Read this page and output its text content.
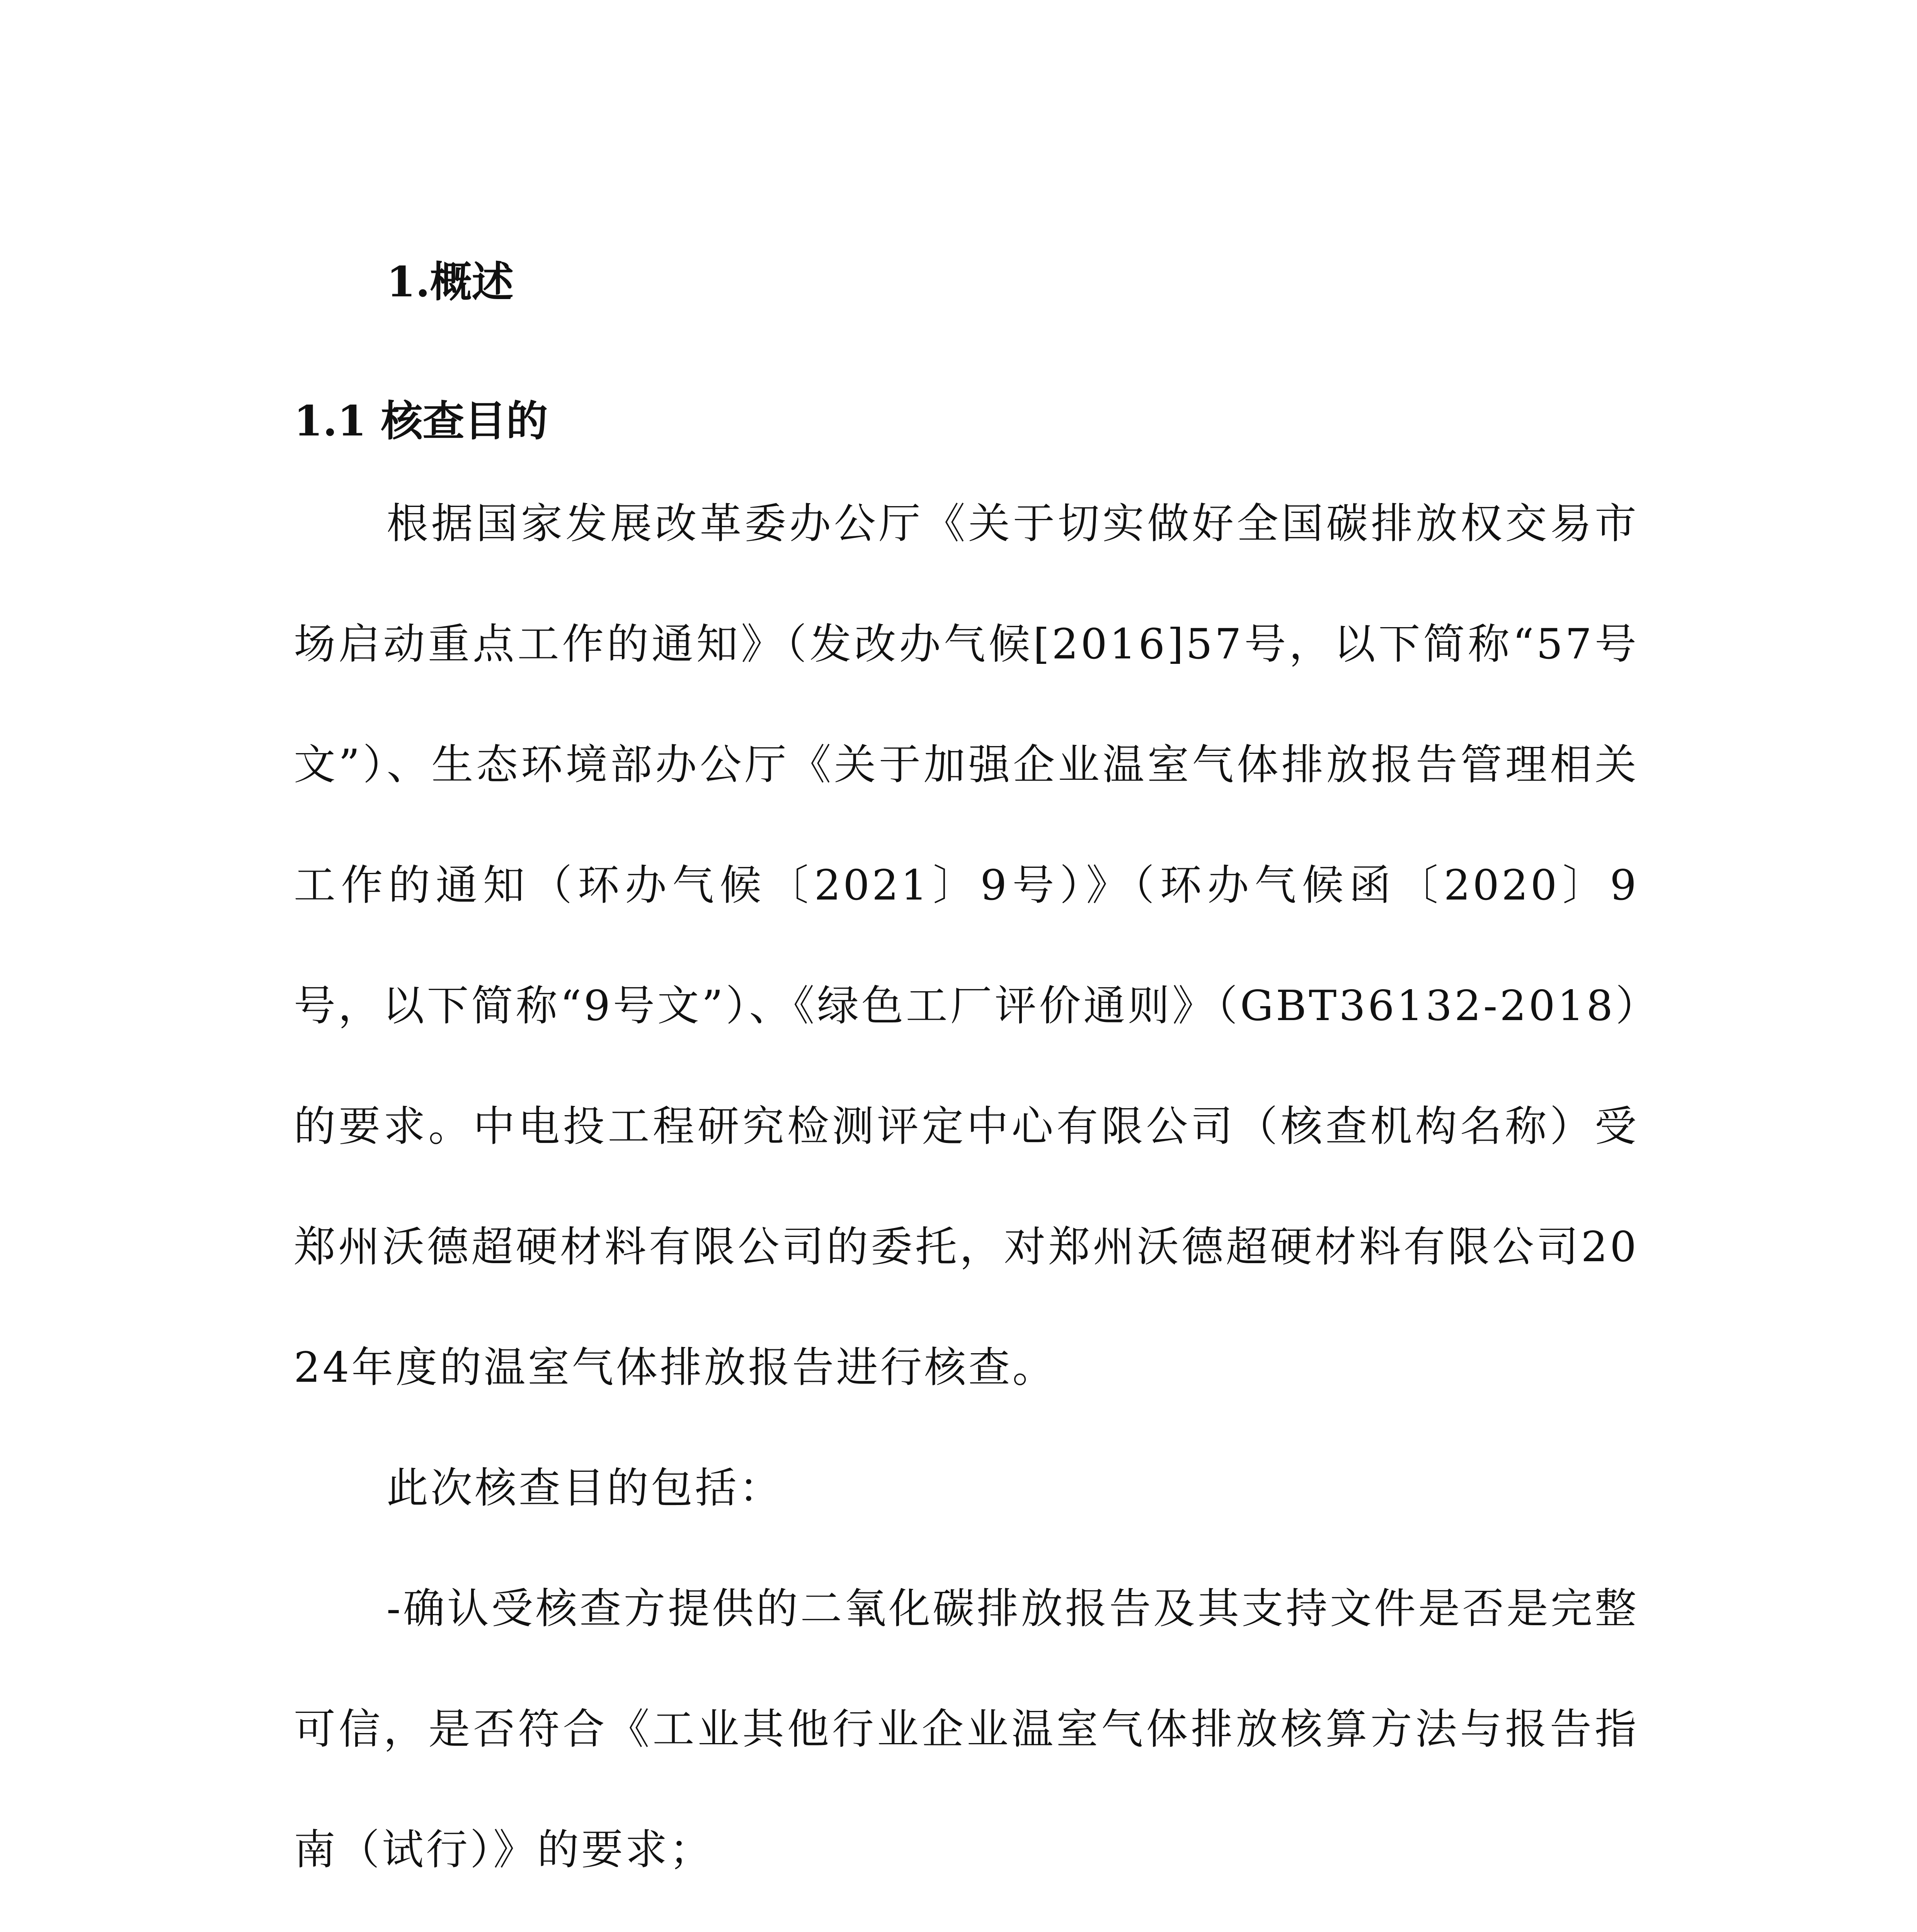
1.概述
1.1 核查目的

根据国家发展改革委办公厅《关于切实做好全国碳排放权交易市场启动重点工作的通知》（发改办气候[2016]57号，以下简称“57号文”）、生态环境部办公厅《关于加强企业温室气体排放报告管理相关工作的通知（环办气候〔2021〕9号）》（环办气候函〔2020〕9号，以下简称“9号文”）、《绿色工厂评价通则》（GBT36132-2018）的要求。中电投工程研究检测评定中心有限公司（核查机构名称）受郑州沃德超硬材料有限公司的委托，对郑州沃德超硬材料有限公司2024年度的温室气体排放报告进行核查。

此次核查目的包括：

-确认受核查方提供的二氧化碳排放报告及其支持文件是否是完整可信，是否符合《工业其他行业企业温室气体排放核算方法与报告指南（试行）》的要求；
